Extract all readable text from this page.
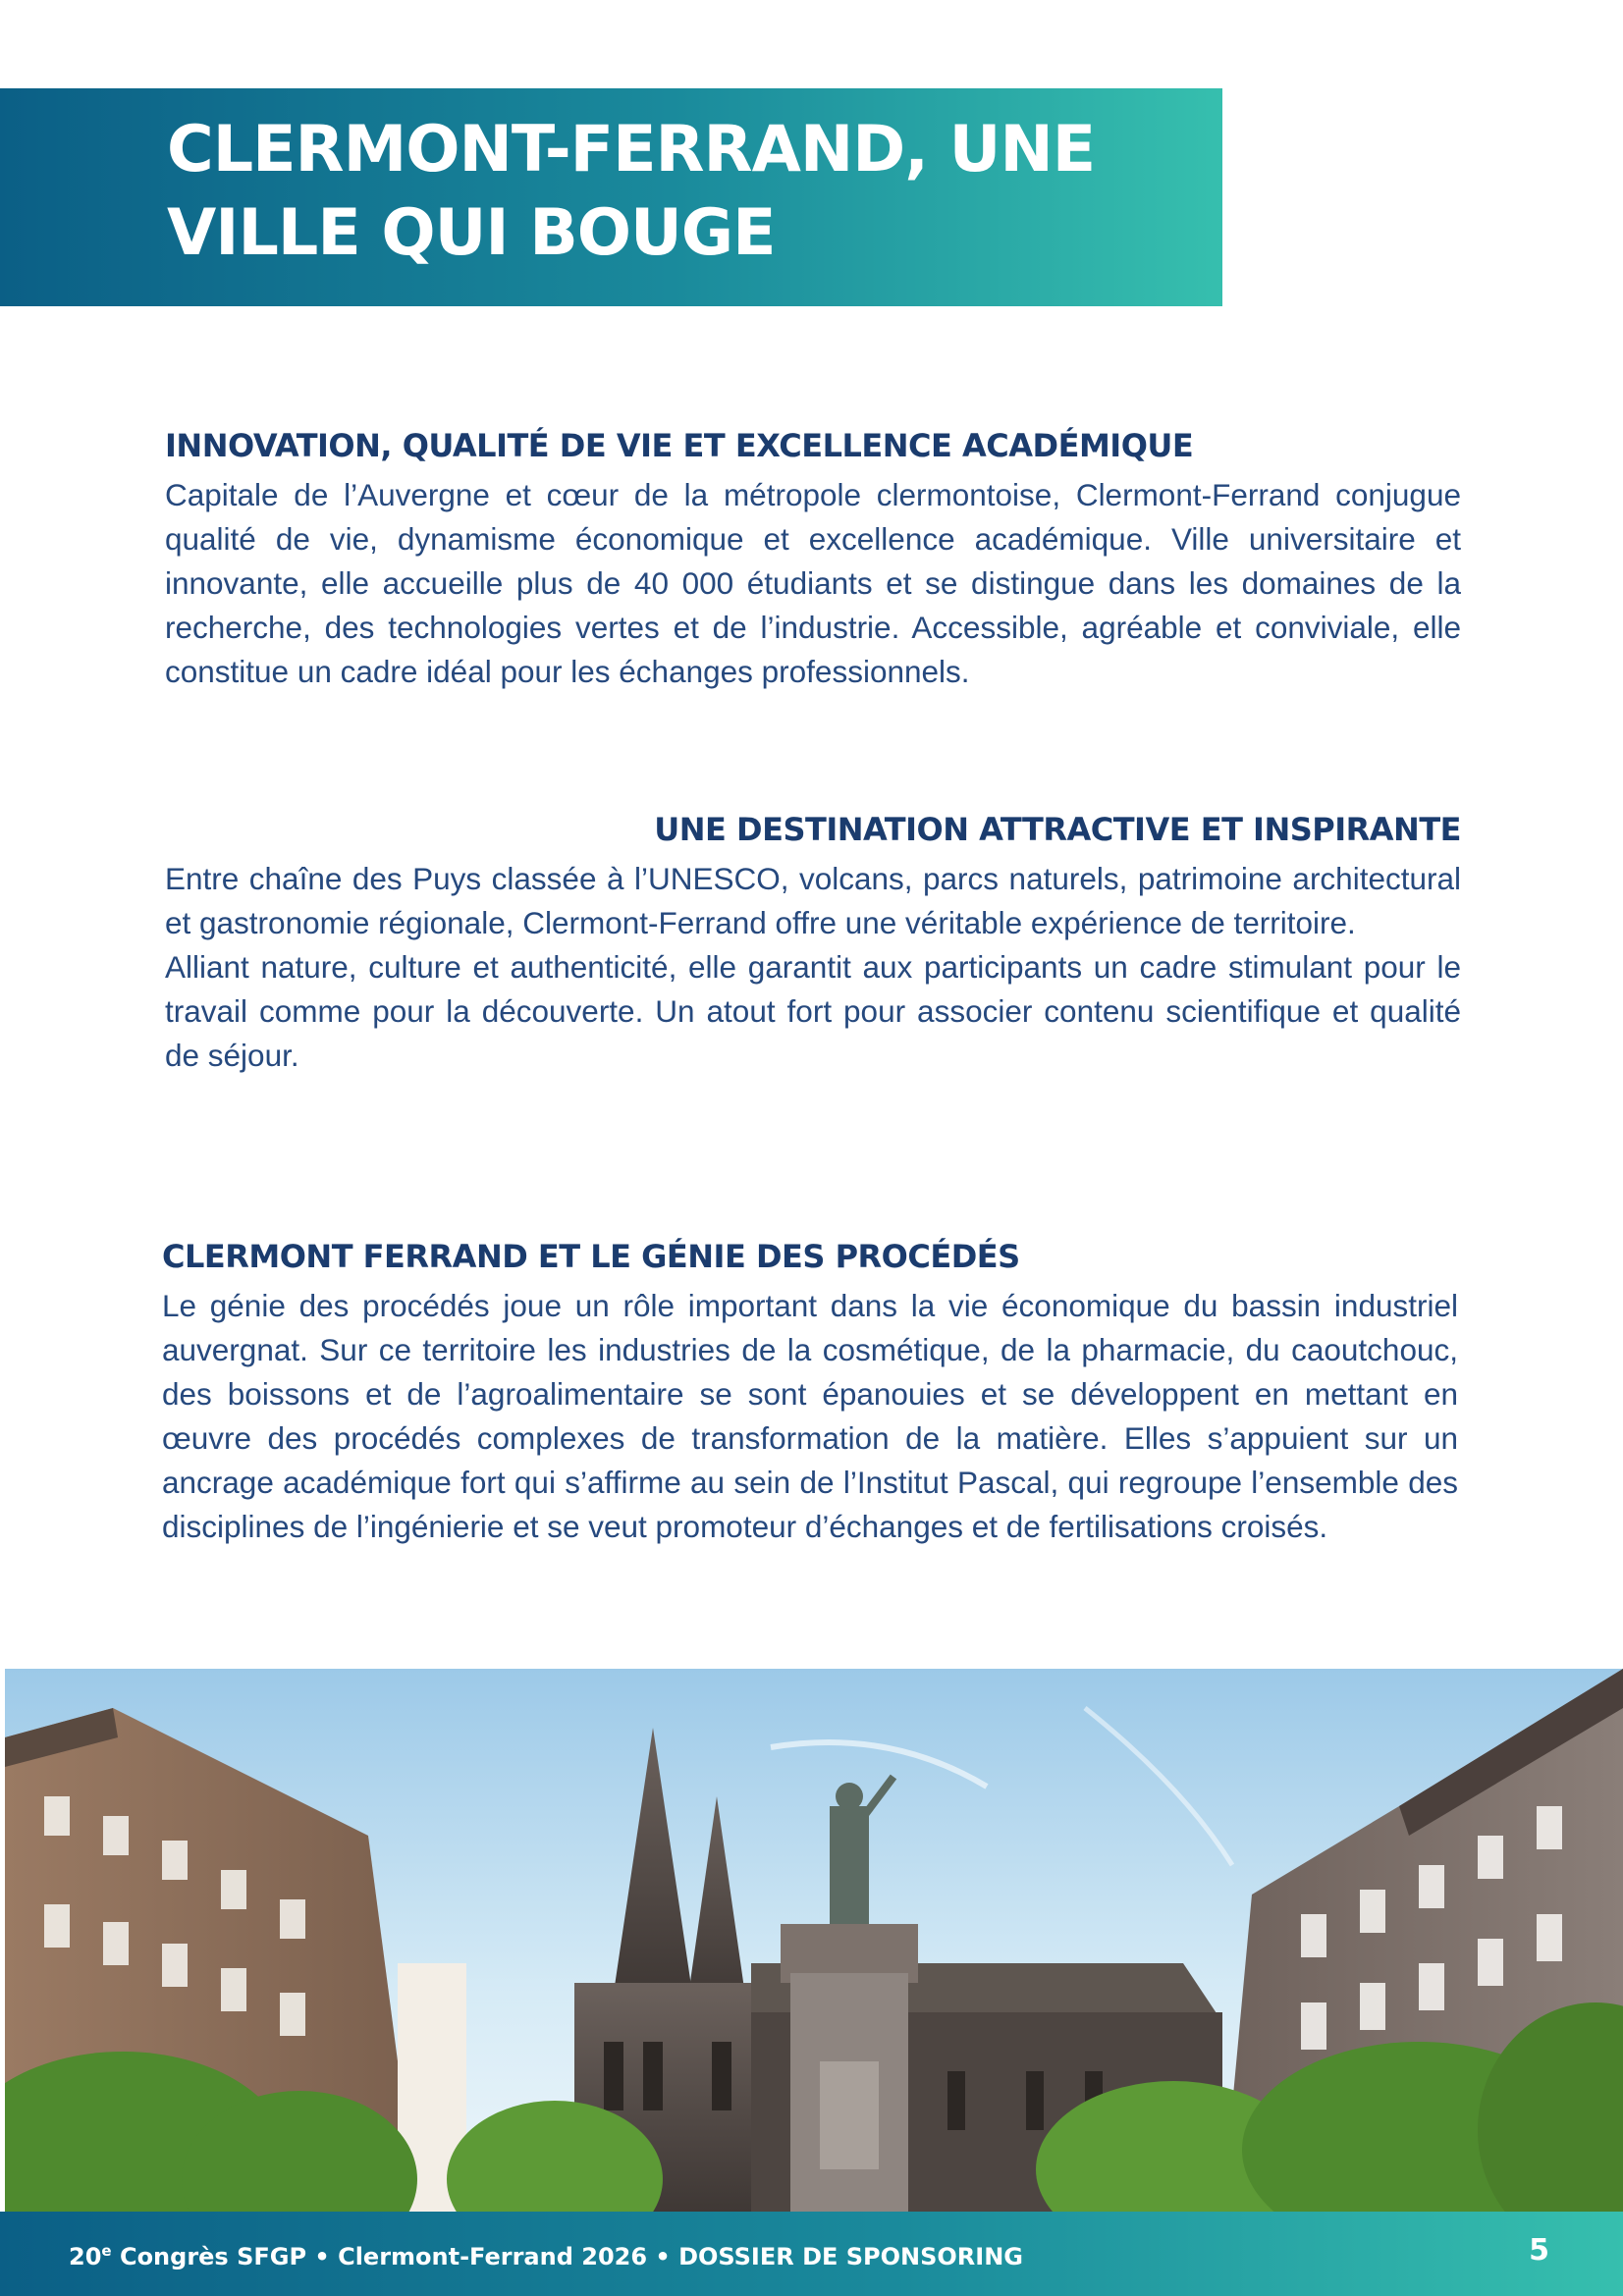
CLERMONT-FERRAND, UNE
VILLE QUI BOUGE
INNOVATION, QUALITÉ DE VIE ET EXCELLENCE ACADÉMIQUE

Capitale de l’Auvergne et cœur de la métropole clermontoise, Clermont-Ferrand conjugue qualité de vie, dynamisme économique et excellence académique. Ville universitaire et innovante, elle accueille plus de 40 000 étudiants et se distingue dans les domaines de la recherche, des technologies vertes et de l’industrie. Accessible, agréable et conviviale, elle constitue un cadre idéal pour les échanges professionnels.

UNE DESTINATION ATTRACTIVE ET INSPIRANTE

Entre chaîne des Puys classée à l’UNESCO, volcans, parcs naturels, patrimoine architectural et gastronomie régionale, Clermont-Ferrand offre une véritable expérience de territoire.

Alliant nature, culture et authenticité, elle garantit aux participants un cadre stimulant pour le travail comme pour la découverte. Un atout fort pour associer contenu scientifique et qualité de séjour.

CLERMONT FERRAND ET LE GÉNIE DES PROCÉDÉS

Le génie des procédés joue un rôle important dans la vie économique du bassin industriel auvergnat. Sur ce territoire les industries de la cosmétique, de la pharmacie, du caoutchouc, des boissons et de l’agroalimentaire se sont épanouies et se développent en mettant en œuvre des procédés complexes de transformation de la matière. Elles s’appuient sur un ancrage académique fort qui s’affirme au sein de l’Institut Pascal, qui regroupe l’ensemble des disciplines de l’ingénierie et se veut promoteur d’échanges et de fertilisations croisés.

20e Congrès SFGP • Clermont-Ferrand 2026 • DOSSIER DE SPONSORING	5
